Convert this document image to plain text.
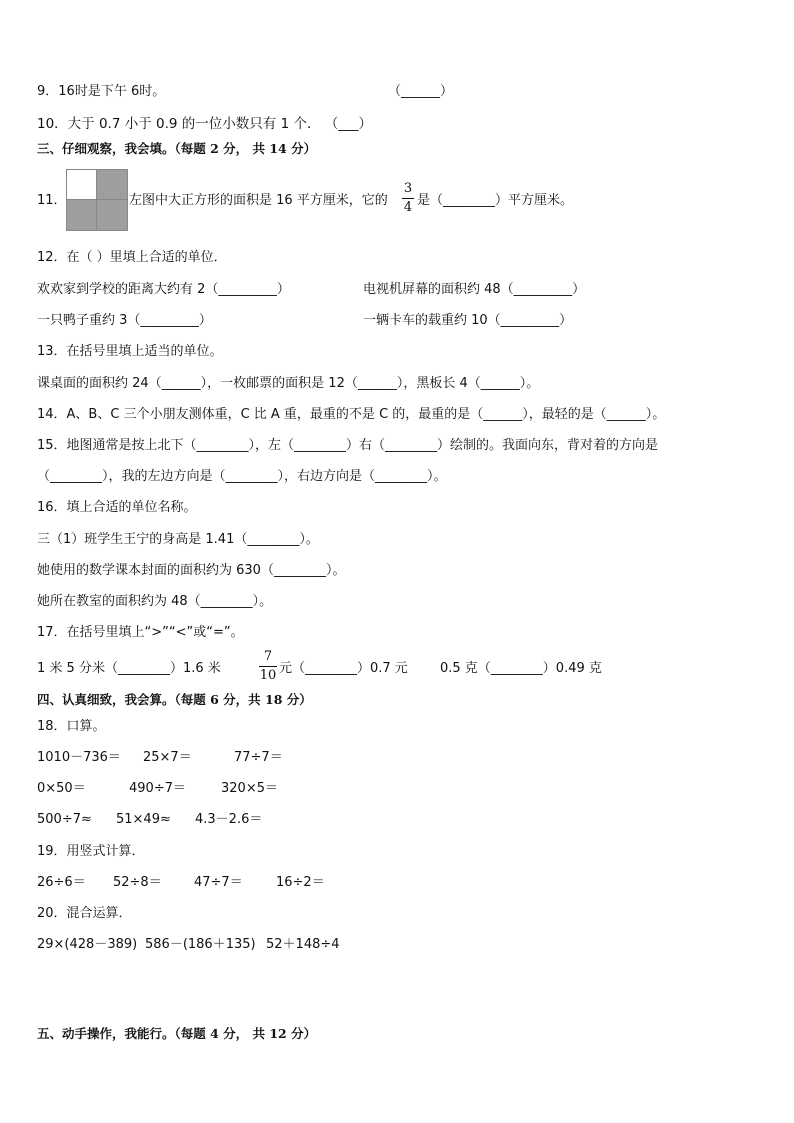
9．16时是下午 6时。	（______）
10．大于 0.7 小于 0.9 的一位小数只有 1 个． （___）
三、仔细观察，我会填。（每题 2 分， 共 14 分）
11．	左图中大正方形的面积是 16 平方厘米，它的
3
4 是（________）平方厘米。
12．在（ ）里填上合适的单位．
欢欢家到学校的距离大约有 2（_________）	电视机屏幕的面积约 48（_________）
一只鸭子重约 3（_________）	一辆卡车的载重约 10（_________）
13．在括号里填上适当的单位。
课桌面的面积约 24（______），一枚邮票的面积是 12（______），黑板长 4（______）。
14．A、B、C 三个小朋友测体重，C 比 A 重，最重的不是 C 的，最重的是（______），最轻的是（______）。
15．地图通常是按上北下（________），左（________）右（________）绘制的。我面向东，背对着的方向是
（________），我的左边方向是（________），右边方向是（________）。
16．填上合适的单位名称。
三（1）班学生王宁的身高是 1.41（________）。
她使用的数学课本封面的面积约为 630（________）。
她所在教室的面积约为 48（________）。
17．在括号里填上“>”“<”或“=”。
1 米 5 分米（________）1.6 米
7
10 元（________）0.7 元 0.5 克（________）0.49 克
四、认真细致，我会算。（每题 6 分，共 18 分）
18．口算。
1010－736＝ 25×7＝	77÷7＝
0×50＝	490÷7＝	320×5＝
500÷7≈ 51×49≈ 4.3－2.6＝
19．用竖式计算．
26÷6＝ 52÷8＝ 47÷7＝	16÷2＝
20．混合运算．
29×(428－389) 586－(186＋135) 52＋148÷4
五、动手操作，我能行。（每题 4 分， 共 12 分）
